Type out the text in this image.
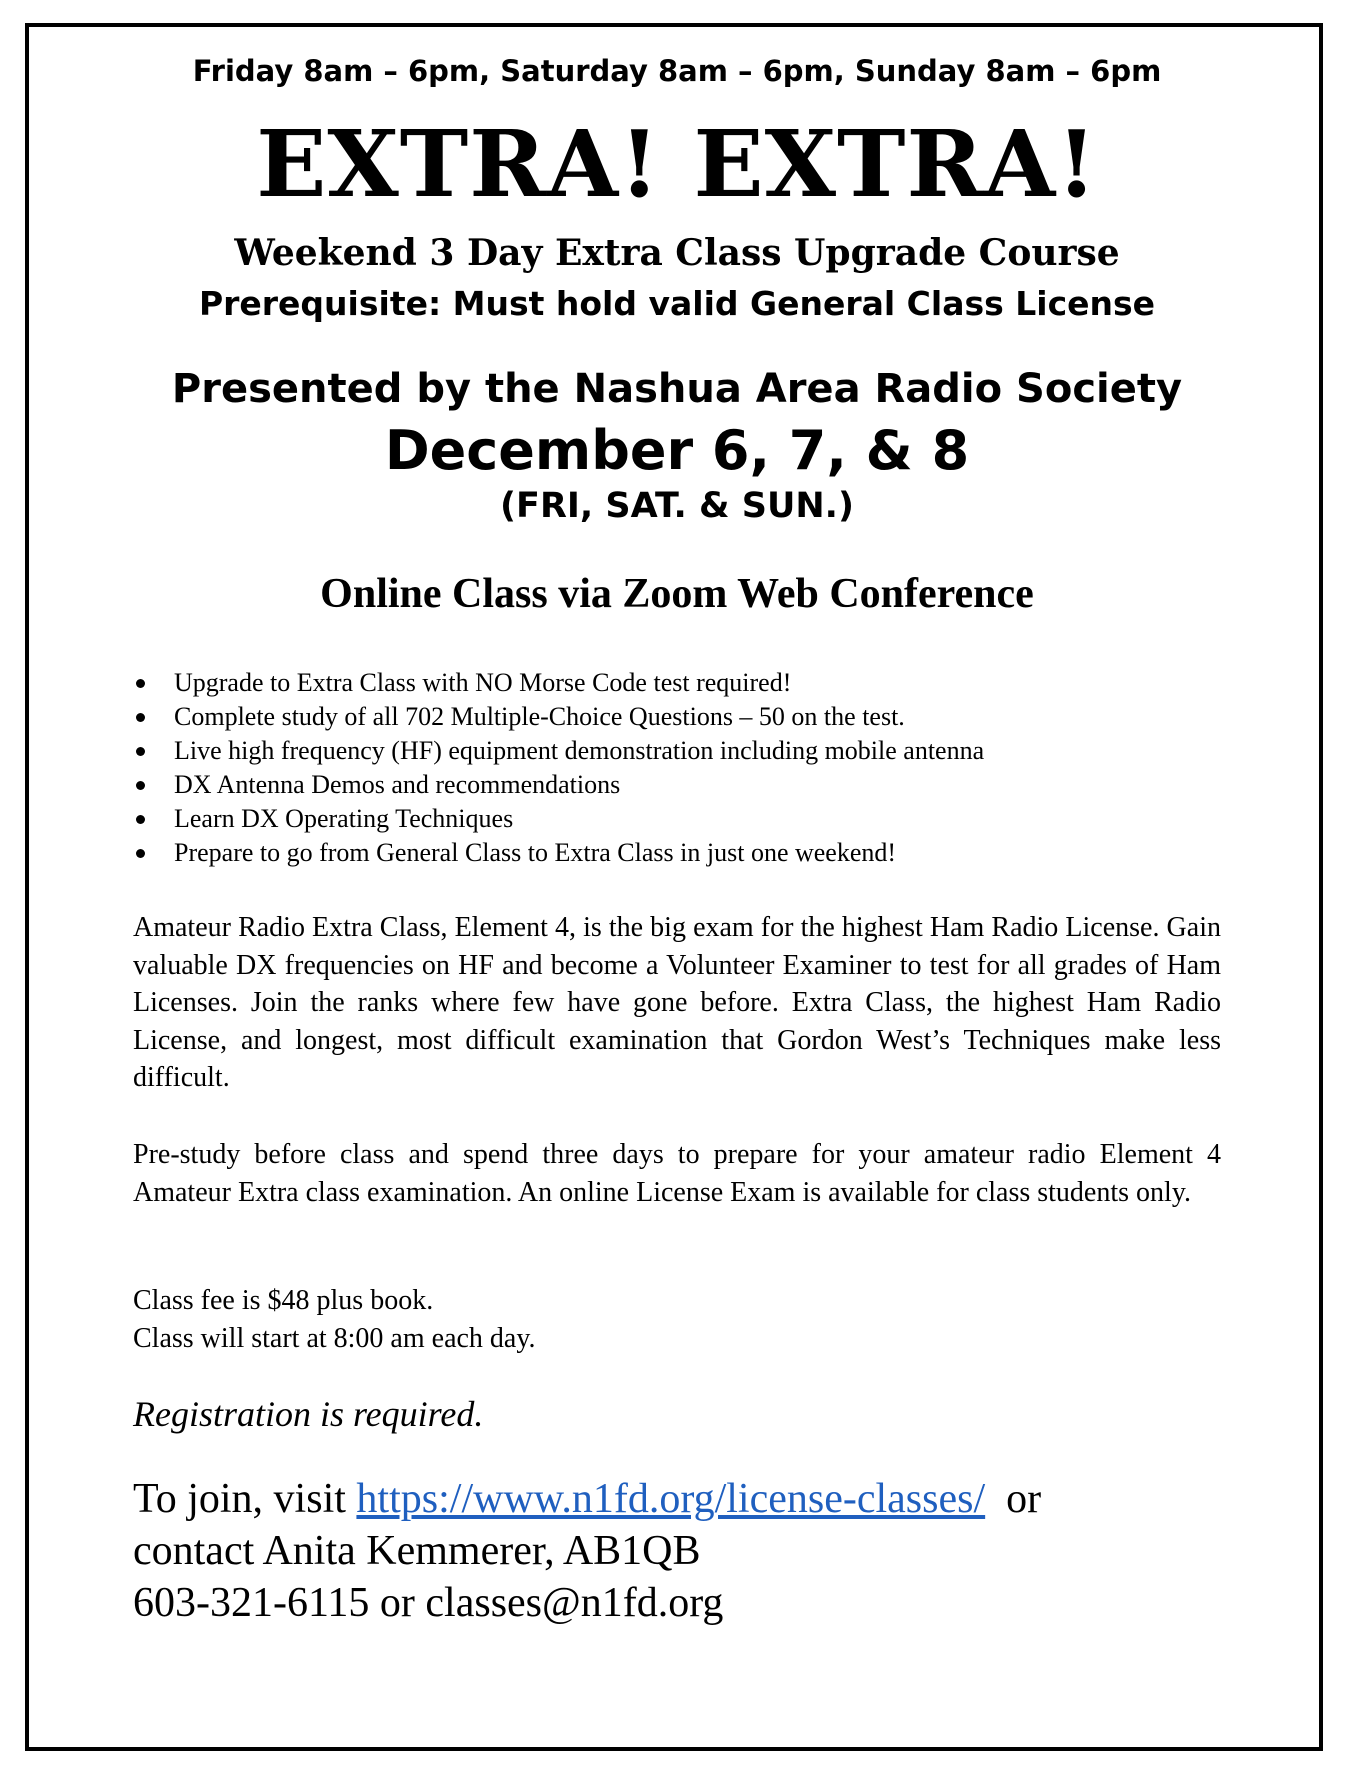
Friday 8am – 6pm, Saturday 8am – 6pm, Sunday 8am – 6pm
EXTRA! EXTRA!
Weekend 3 Day Extra Class Upgrade Course
Prerequisite: Must hold valid General Class License
Presented by the Nashua Area Radio Society
December 6, 7, & 8
(FRI, SAT. & SUN.)
Online Class via Zoom Web Conference
Upgrade to Extra Class with NO Morse Code test required!
Complete study of all 702 Multiple-Choice Questions – 50 on the test.
Live high frequency (HF) equipment demonstration including mobile antenna
DX Antenna Demos and recommendations
Learn DX Operating Techniques
Prepare to go from General Class to Extra Class in just one weekend!

Amateur Radio Extra Class, Element 4, is the big exam for the highest Ham Radio License. Gain valuable DX frequencies on HF and become a Volunteer Examiner to test for all grades of Ham Licenses. Join the ranks where few have gone before. Extra Class, the highest Ham Radio License, and longest, most difficult examination that Gordon West’s Techniques make less difficult.

Pre-study before class and spend three days to prepare for your amateur radio Element 4 Amateur Extra class examination. An online License Exam is available for class students only.

Class fee is $48 plus book.

Class will start at 8:00 am each day.

Registration is required.
To join, visit https://www.n1fd.org/license-classes/  or
contact Anita Kemmerer, AB1QB
603-321-6115 or classes@n1fd.org
